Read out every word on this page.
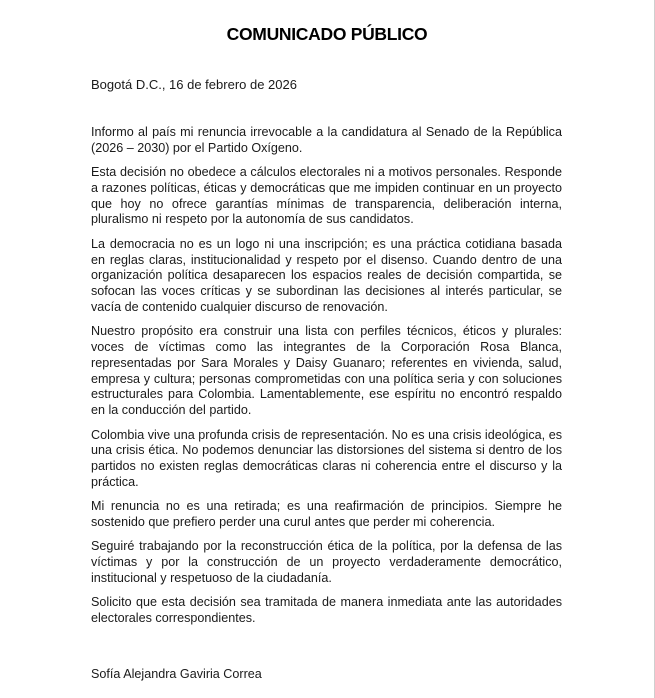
COMUNICADO PÚBLICO
Bogotá D.C., 16 de febrero de 2026

Informo al país mi renuncia irrevocable a la candidatura al Senado de la República (2026 – 2030) por el Partido Oxígeno.

Esta decisión no obedece a cálculos electorales ni a motivos personales. Responde a razones políticas, éticas y democráticas que me impiden continuar en un proyecto que hoy no ofrece garantías mínimas de transparencia, deliberación interna, pluralismo ni respeto por la autonomía de sus candidatos.

La democracia no es un logo ni una inscripción; es una práctica cotidiana basada en reglas claras, institucionalidad y respeto por el disenso. Cuando dentro de una organización política desaparecen los espacios reales de decisión compartida, se sofocan las voces críticas y se subordinan las decisiones al interés particular, se vacía de contenido cualquier discurso de renovación.

Nuestro propósito era construir una lista con perfiles técnicos, éticos y plurales: voces de víctimas como las integrantes de la Corporación Rosa Blanca, representadas por Sara Morales y Daisy Guanaro; referentes en vivienda, salud, empresa y cultura; personas comprometidas con una política seria y con soluciones estructurales para Colombia. Lamentablemente, ese espíritu no encontró respaldo en la conducción del partido.

Colombia vive una profunda crisis de representación. No es una crisis ideológica, es una crisis ética. No podemos denunciar las distorsiones del sistema si dentro de los partidos no existen reglas democráticas claras ni coherencia entre el discurso y la práctica.

Mi renuncia no es una retirada; es una reafirmación de principios. Siempre he sostenido que prefiero perder una curul antes que perder mi coherencia.

Seguiré trabajando por la reconstrucción ética de la política, por la defensa de las víctimas y por la construcción de un proyecto verdaderamente democrático, institucional y respetuoso de la ciudadanía.

Solicito que esta decisión sea tramitada de manera inmediata ante las autoridades electorales correspondientes.

Sofía Alejandra Gaviria Correa
